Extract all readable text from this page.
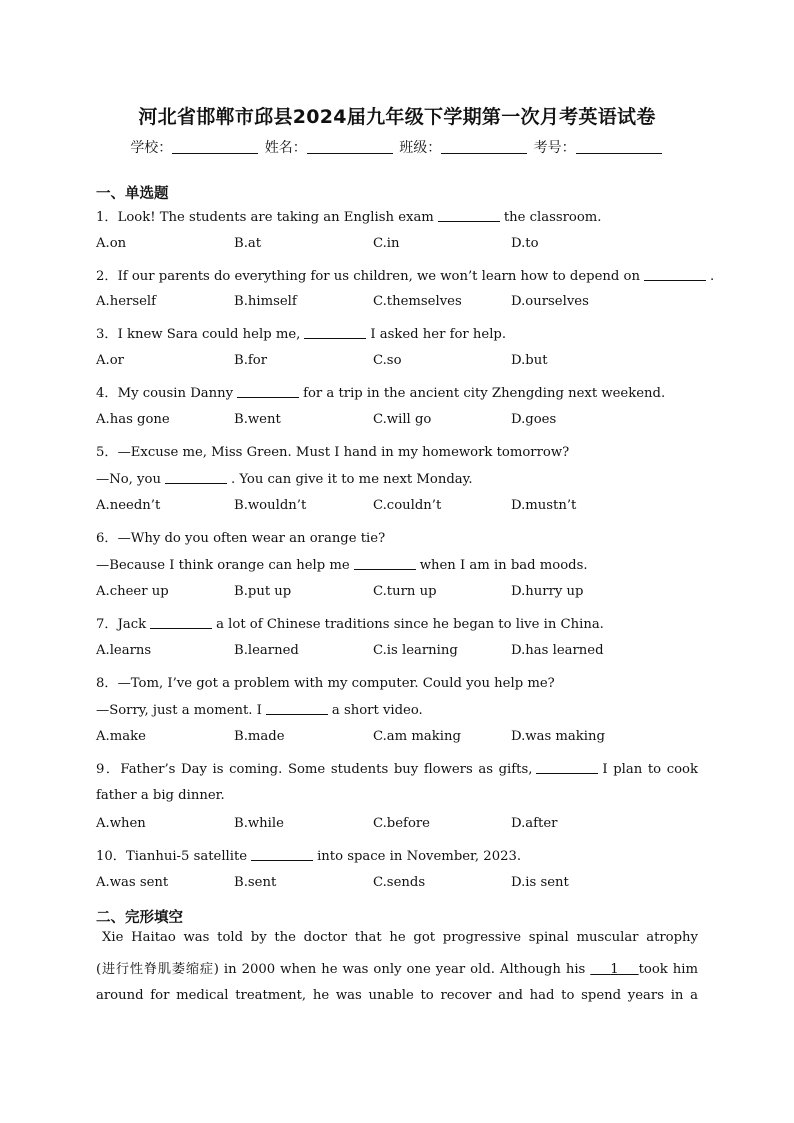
河北省邯郸市邱县2024届九年级下学期第一次月考英语试卷
学校：	姓名：	班级：	考号：
一、单选题
1．Look! The students are taking an English exam	the classroom.
A.on	B.at	C.in	D.to
2．If our parents do everything for us children, we won’t learn how to depend on	.
A.herself	B.himself	C.themselves	D.ourselves
3．I knew Sara could help me,	I asked her for help.
A.or	B.for	C.so	D.but
4．My cousin Danny	for a trip in the ancient city Zhengding next weekend.
A.has gone	B.went	C.will go	D.goes
5．—Excuse me, Miss Green. Must I hand in my homework tomorrow?
—No, you	. You can give it to me next Monday.
A.needn’t	B.wouldn’t	C.couldn’t	D.mustn’t
6．—Why do you often wear an orange tie?
—Because I think orange can help me	when I am in bad moods.
A.cheer up	B.put up	C.turn up	D.hurry up
7．Jack	a lot of Chinese traditions since he began to live in China.
A.learns	B.learned	C.is learning	D.has learned
8．—Tom, I’ve got a problem with my computer. Could you help me?
—Sorry, just a moment. I	a short video.
A.make	B.made	C.am making	D.was making
9．Father’s Day is coming. Some students buy flowers as gifts,	I plan to cook
father a big dinner.
A.when	B.while	C.before	D.after
10．Tianhui-5 satellite	into space in November, 2023.
A.was sent	B.sent	C.sends	D.is sent
二、完形填空
Xie Haitao was told by the doctor that he got progressive spinal muscular atrophy
(进行性脊肌萎缩症) in 2000 when he was only one year old. Although his 1 took him
around for medical treatment, he was unable to recover and had to spend years in a
